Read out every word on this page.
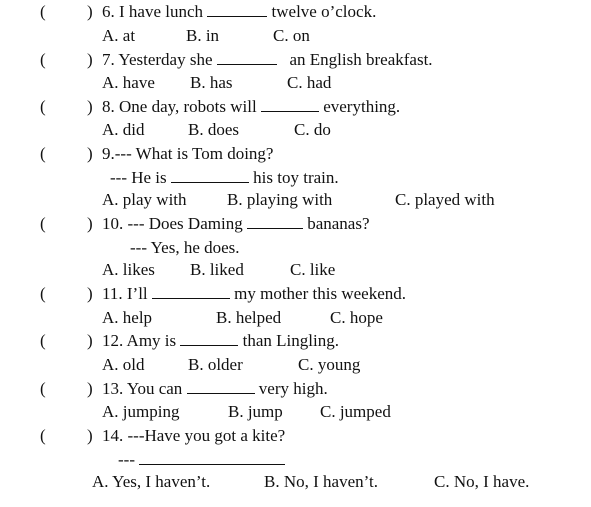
( ) 6. I have lunch	twelve o’clock.
A. at	B. in	C. on
( ) 7. Yesterday she	an English breakfast.
A. have B. has	C. had
( ) 8. One day, robots will	everything.
A. did	B. does	C. do
( ) 9.--- What is Tom doing?
--- He is	his toy train.
A. play with B. playing with	C. played with
( ) 10. --- Does Daming	bananas?
--- Yes, he does.
A. likes B. liked	C. like
( ) 11. I’ll	my mother this weekend.
A. help	B. helped	C. hope
( ) 12. Amy is	than Lingling.
A. old	B. older	C. young
( ) 13. You can	very high.
A. jumping	B. jump C. jumped
( ) 14. ---Have you got a kite?
---
A. Yes, I haven’t.	B. No, I haven’t.	C. No, I have.
